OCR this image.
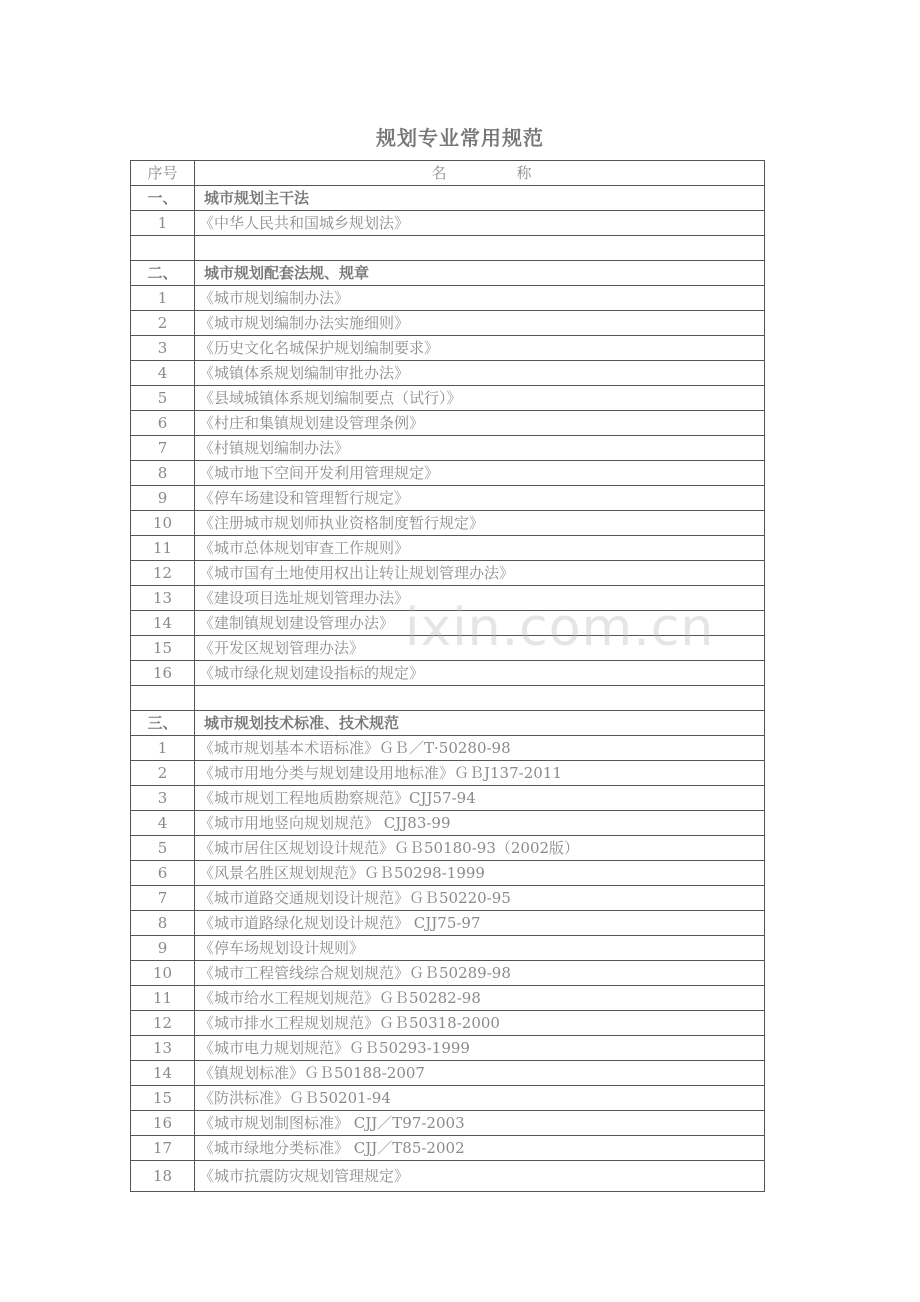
规划专业常用规范
序号	名 称
一、	城市规划主干法
1	《中华人民共和国城乡规划法》

二、	城市规划配套法规、规章
1	《城市规划编制办法》
2	《城市规划编制办法实施细则》
3	《历史文化名城保护规划编制要求》
4	《城镇体系规划编制审批办法》
5	《县域城镇体系规划编制要点（试行）》
6	《村庄和集镇规划建设管理条例》
7	《村镇规划编制办法》
8	《城市地下空间开发利用管理规定》
9	《停车场建设和管理暂行规定》
10	《注册城市规划师执业资格制度暂行规定》
11	《城市总体规划审查工作规则》
12	《城市国有土地使用权出让转让规划管理办法》
13	《建设项目选址规划管理办法》
14	《建制镇规划建设管理办法》
15	《开发区规划管理办法》
16	《城市绿化规划建设指标的规定》

三、	城市规划技术标准、技术规范
1	《城市规划基本术语标准》ＧＢ／T·50280-98
2	《城市用地分类与规划建设用地标准》ＧＢJ137-2011
3	《城市规划工程地质勘察规范》CJJ57-94
4	《城市用地竖向规划规范》 CJJ83-99
5	《城市居住区规划设计规范》ＧＢ50180-93（2002版）
6	《风景名胜区规划规范》ＧＢ50298-1999
7	《城市道路交通规划设计规范》ＧＢ50220-95
8	《城市道路绿化规划设计规范》 CJJ75-97
9	《停车场规划设计规则》
10	《城市工程管线综合规划规范》ＧＢ50289-98
11	《城市给水工程规划规范》ＧＢ50282-98
12	《城市排水工程规划规范》ＧＢ50318-2000
13	《城市电力规划规范》ＧＢ50293-1999
14	《镇规划标准》ＧＢ50188-2007
15	《防洪标准》ＧＢ50201-94
16	《城市规划制图标准》 CJJ／T97-2003
17	《城市绿地分类标准》 CJJ／T85-2002
18	《城市抗震防灾规划管理规定》
ixin.com.cn
